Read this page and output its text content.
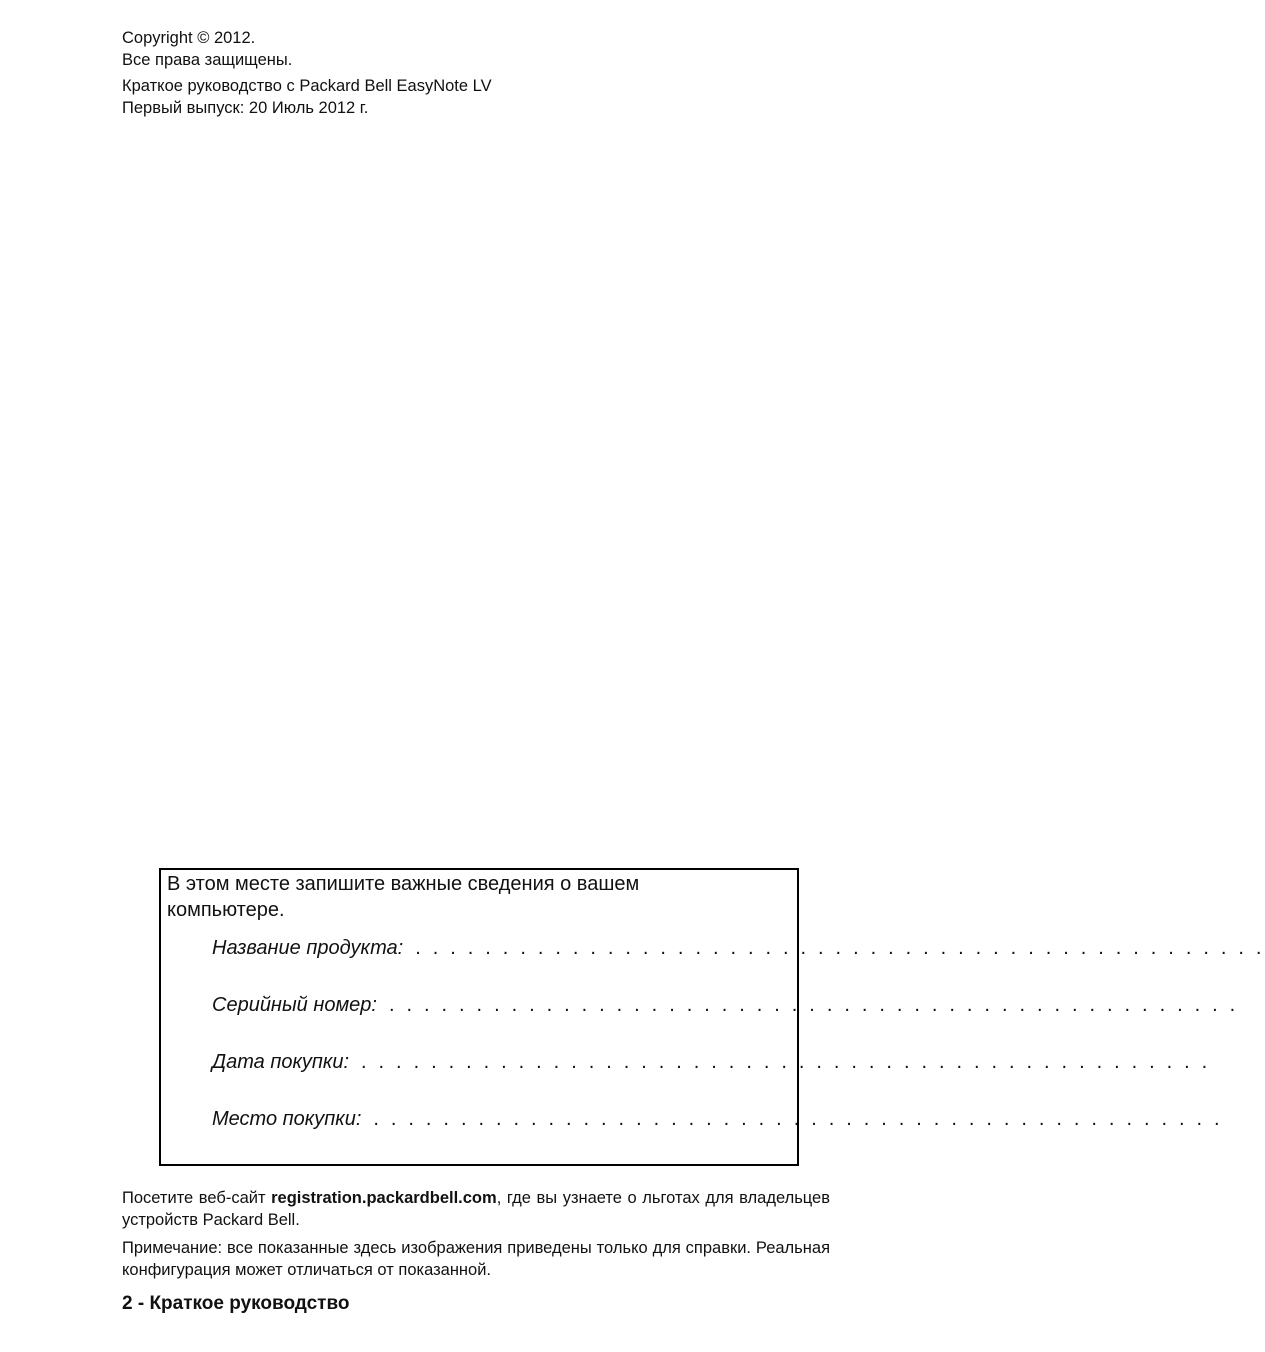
Copyright © 2012.
Все права защищены.
Краткое руководство с Packard Bell EasyNote LV
Первый выпуск: 20 Июль 2012 г.
В этом месте запишите важные сведения о вашем компьютере.
Название продукта: . . . . . . . . . . . . . . . . . . . . . . . . . . . . . . . . . . . . . . . . . . . . . . . . .
Серийный номер: . . . . . . . . . . . . . . . . . . . . . . . . . . . . . . . . . . . . . . . . . . . . . . . . .
Дата покупки: . . . . . . . . . . . . . . . . . . . . . . . . . . . . . . . . . . . . . . . . . . . . . . . . .
Место покупки: . . . . . . . . . . . . . . . . . . . . . . . . . . . . . . . . . . . . . . . . . . . . . . . . .
Посетите веб-сайт registration.packardbell.com, где вы узнаете о льготах для владельцев устройств Packard Bell.
Примечание: все показанные здесь изображения приведены только для справки. Реальная конфигурация может отличаться от показанной.
2 - Краткое руководство
